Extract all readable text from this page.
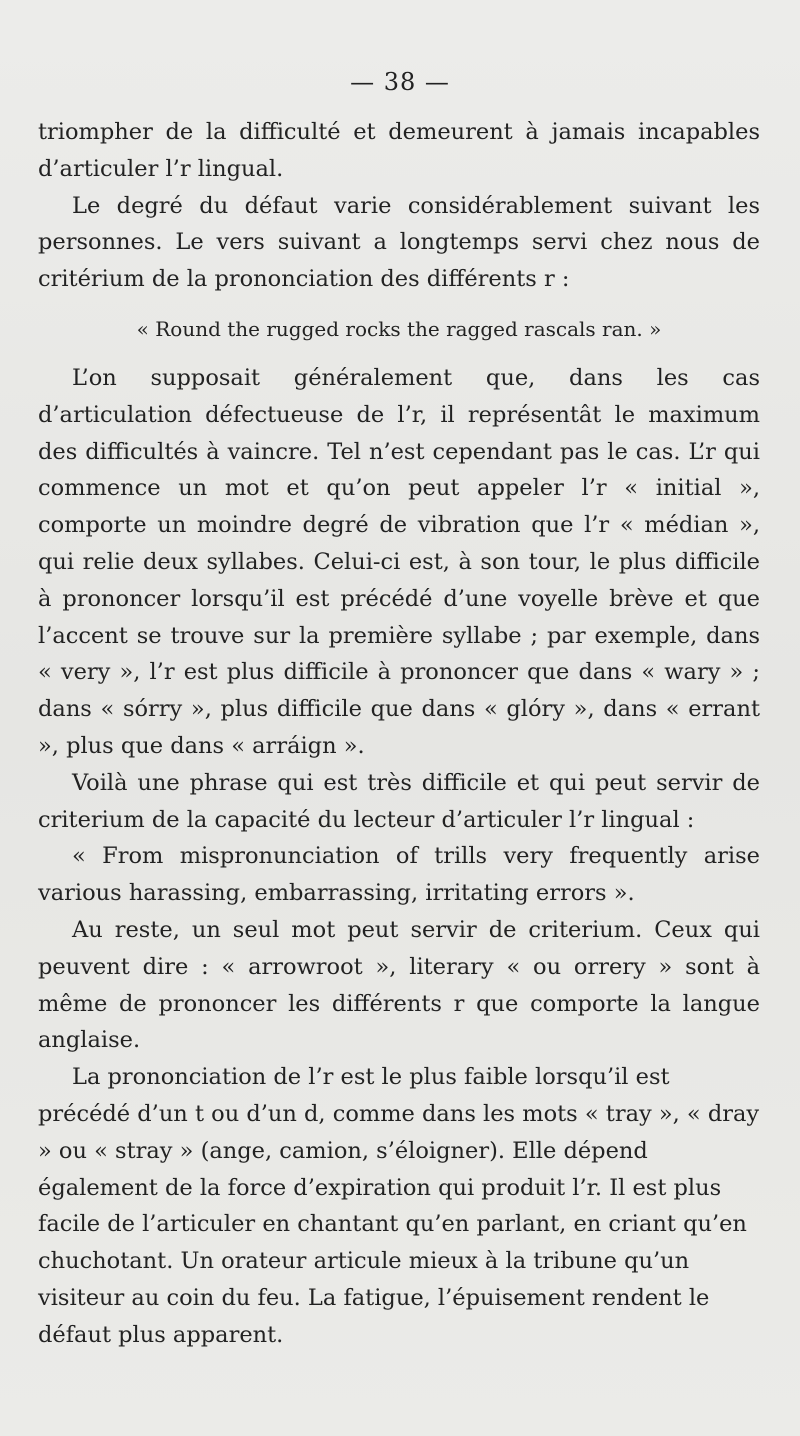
— 38 —

triompher de la difficulté et demeurent à jamais incapables d’articuler l’r lingual.

Le degré du défaut varie considérablement suivant les personnes. Le vers suivant a longtemps servi chez nous de critérium de la prononciation des différents r :

« Round the rugged rocks the ragged rascals ran. »

L’on supposait généralement que, dans les cas d’articulation défectueuse de l’r, il représentât le maximum des difficultés à vaincre. Tel n’est cependant pas le cas. L’r qui commence un mot et qu’on peut appeler l’r « initial », comporte un moindre degré de vibration que l’r « médian », qui relie deux syllabes. Celui-ci est, à son tour, le plus difficile à prononcer lorsqu’il est précédé d’une voyelle brève et que l’accent se trouve sur la première syllabe ; par exemple, dans « very », l’r est plus difficile à prononcer que dans « wary » ; dans « sórry », plus difficile que dans « glóry », dans « errant », plus que dans « arráign ».

Voilà une phrase qui est très difficile et qui peut servir de criterium de la capacité du lecteur d’articuler l’r lingual :

« From mispronunciation of trills very frequently arise various harassing, embarrassing, irritating errors ».

Au reste, un seul mot peut servir de criterium. Ceux qui peuvent dire : « arrowroot », literary « ou orrery » sont à même de prononcer les différents r que comporte la langue anglaise.

La prononciation de l’r est le plus faible lorsqu’il est précédé d’un t ou d’un d, comme dans les mots « tray », « dray » ou « stray » (ange, camion, s’éloigner). Elle dépend également de la force d’expiration qui produit l’r. Il est plus facile de l’articuler en chantant qu’en parlant, en criant qu’en chuchotant. Un orateur articule mieux à la tribune qu’un visiteur au coin du feu. La fatigue, l’épuisement rendent le défaut plus apparent.
